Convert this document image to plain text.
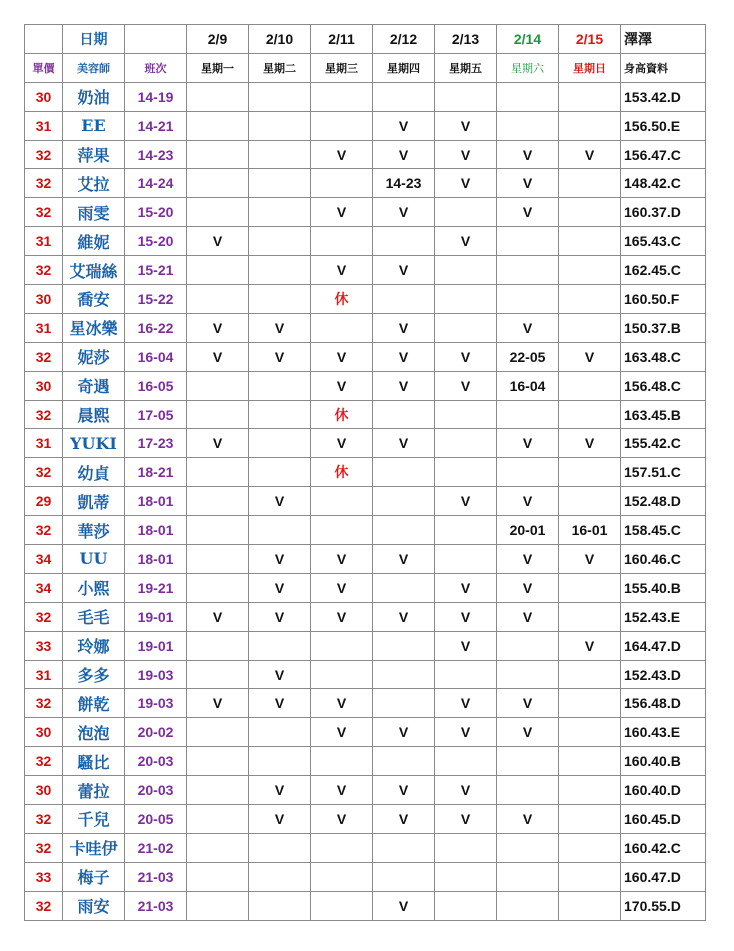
	日期		2/9	2/10	2/11	2/12	2/13	2/14	2/15	澤澤
單價	美容師	班次	星期一	星期二	星期三	星期四	星期五	星期六	星期日	身高資料
30	奶油	14-19								153.42.D
31	EE	14-21				V	V			156.50.E
32	萍果	14-23			V	V	V	V	V	156.47.C
32	艾拉	14-24				14-23	V	V		148.42.C
32	雨雯	15-20			V	V		V		160.37.D
31	維妮	15-20	V				V			165.43.C
32	艾瑞絲	15-21			V	V				162.45.C
30	喬安	15-22			休					160.50.F
31	星冰樂	16-22	V	V		V		V		150.37.B
32	妮莎	16-04	V	V	V	V	V	22-05	V	163.48.C
30	奇遇	16-05			V	V	V	16-04		156.48.C
32	晨熙	17-05			休					163.45.B
31	YUKI	17-23	V		V	V		V	V	155.42.C
32	幼貞	18-21			休					157.51.C
29	凱蒂	18-01		V			V	V		152.48.D
32	華莎	18-01						20-01	16-01	158.45.C
34	UU	18-01		V	V	V		V	V	160.46.C
34	小熙	19-21		V	V		V	V		155.40.B
32	毛毛	19-01	V	V	V	V	V	V		152.43.E
33	玲娜	19-01					V		V	164.47.D
31	多多	19-03		V						152.43.D
32	餅乾	19-03	V	V	V		V	V		156.48.D
30	泡泡	20-02			V	V	V	V		160.43.E
32	騷比	20-03								160.40.B
30	蕾拉	20-03		V	V	V	V			160.40.D
32	千兒	20-05		V	V	V	V	V		160.45.D
32	卡哇伊	21-02								160.42.C
33	梅子	21-03								160.47.D
32	雨安	21-03				V				170.55.D
